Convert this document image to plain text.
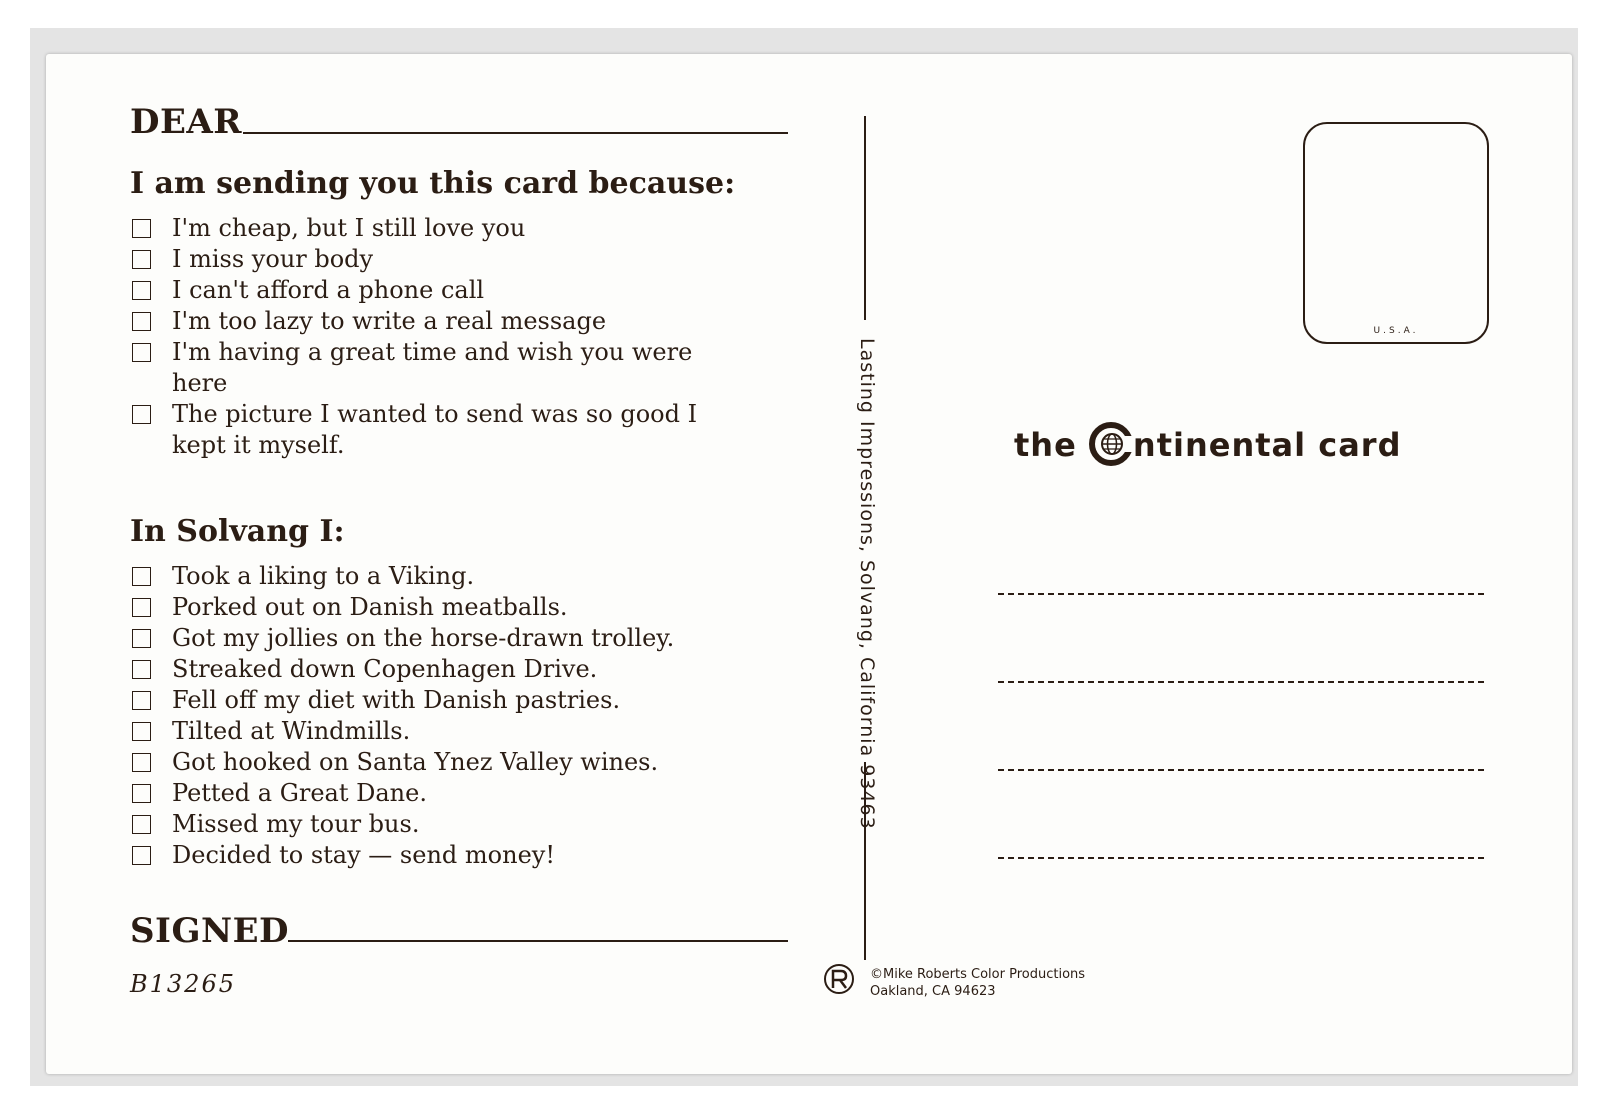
DEAR
I am sending you this card because:
I'm cheap, but I still love you
I miss your body
I can't afford a phone call
I'm too lazy to write a real message
I'm having a great time and wish you were here
The picture I wanted to send was so good I kept it myself.
In Solvang I:
Took a liking to a Viking.
Porked out on Danish meatballs.
Got my jollies on the horse-drawn trolley.
Streaked down Copenhagen Drive.
Fell off my diet with Danish pastries.
Tilted at Windmills.
Got hooked on Santa Ynez Valley wines.
Petted a Great Dane.
Missed my tour bus.
Decided to stay — send money!
SIGNED
B13265
Lasting Impressions, Solvang, California 93463
U.S.A.
the ntinental card
©Mike Roberts Color Productions
Oakland, CA 94623
